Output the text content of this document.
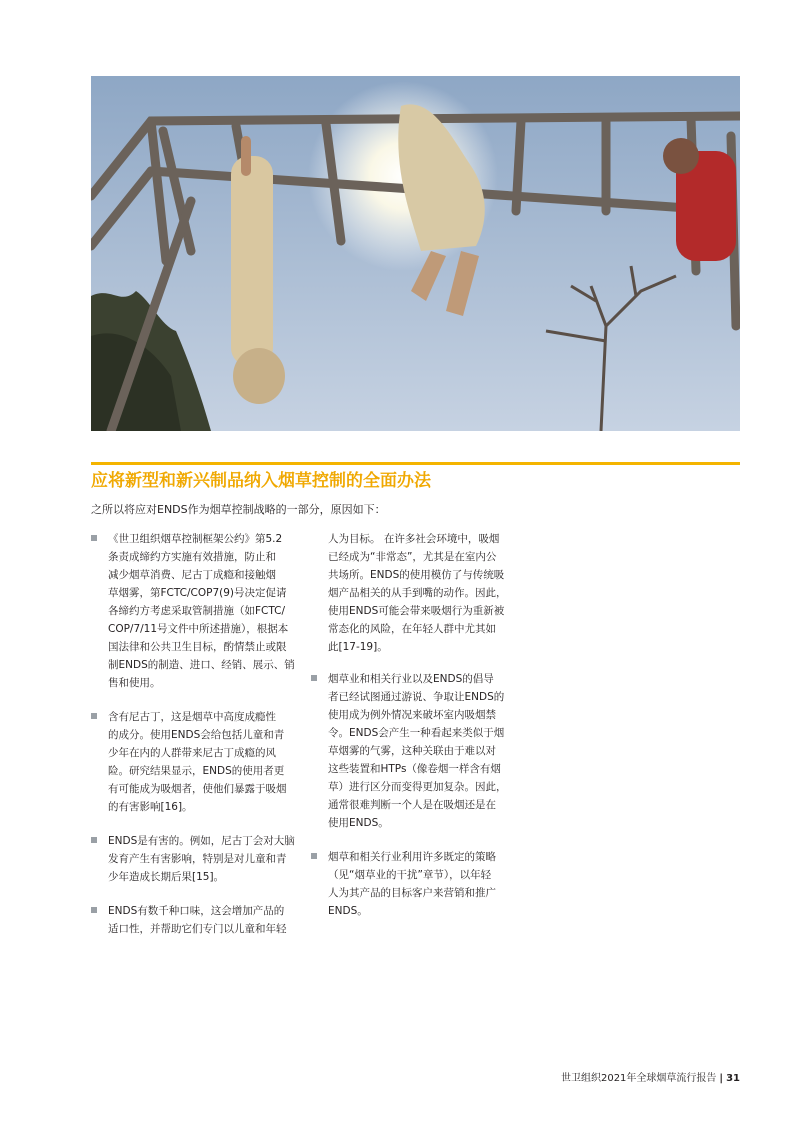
应将新型和新兴制品纳入烟草控制的全面办法
之所以将应对ENDS作为烟草控制战略的一部分，原因如下：
《世卫组织烟草控制框架公约》第5.2
条责成缔约方实施有效措施，防止和
减少烟草消费、尼古丁成瘾和接触烟
草烟雾，第FCTC/COP7(9)号决定促请
各缔约方考虑采取管制措施（如FCTC/
COP/7/11号文件中所述措施），根据本
国法律和公共卫生目标，酌情禁止或限
制ENDS的制造、进口、经销、展示、销
售和使用。
含有尼古丁，这是烟草中高度成瘾性
的成分。使用ENDS会给包括儿童和青
少年在内的人群带来尼古丁成瘾的风
险。研究结果显示，ENDS的使用者更
有可能成为吸烟者，使他们暴露于吸烟
的有害影响[16]。
ENDS是有害的。例如，尼古丁会对大脑
发育产生有害影响，特别是对儿童和青
少年造成长期后果[15]。
ENDS有数千种口味，这会增加产品的
适口性，并帮助它们专门以儿童和年轻
人为目标。 在许多社会环境中，吸烟
已经成为“非常态”，尤其是在室内公
共场所。ENDS的使用模仿了与传统吸
烟产品相关的从手到嘴的动作。因此，
使用ENDS可能会带来吸烟行为重新被
常态化的风险，在年轻人群中尤其如
此[17-19]。
烟草业和相关行业以及ENDS的倡导
者已经试图通过游说、争取让ENDS的
使用成为例外情况来破坏室内吸烟禁
令。ENDS会产生一种看起来类似于烟
草烟雾的气雾，这种关联由于难以对
这些装置和HTPs（像卷烟一样含有烟
草）进行区分而变得更加复杂。因此，
通常很难判断一个人是在吸烟还是在
使用ENDS。
烟草和相关行业利用许多既定的策略
（见“烟草业的干扰”章节），以年轻
人为其产品的目标客户来营销和推广
ENDS。
世卫组织2021年全球烟草流行报告 | 31
